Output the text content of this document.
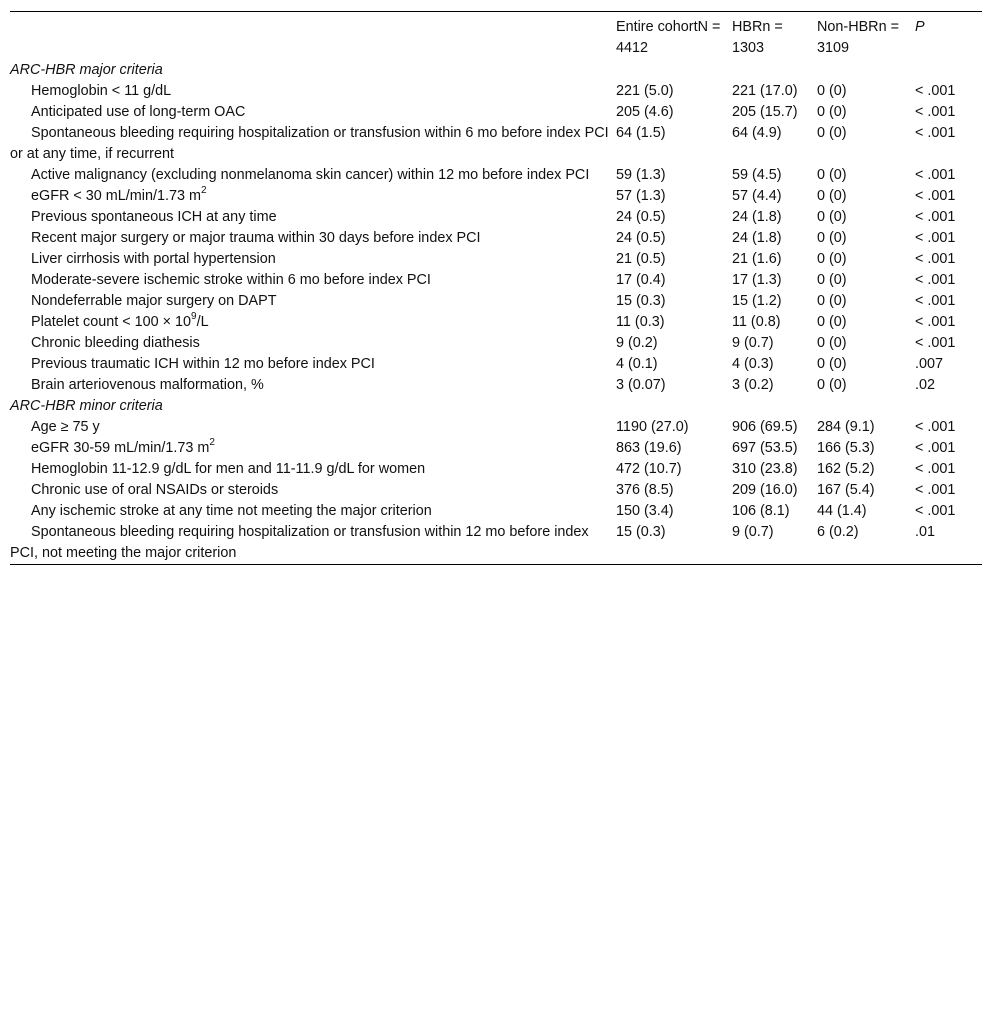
	Entire cohortN = 4412	HBRn = 1303	Non-HBRn = 3109	P
ARC-HBR major criteria				
Hemoglobin < 11 g/dL	221 (5.0)	221 (17.0)	0 (0)	< .001
Anticipated use of long-term OAC	205 (4.6)	205 (15.7)	0 (0)	< .001
Spontaneous bleeding requiring hospitalization or transfusion within 6 mo before index PCI or at any time, if recurrent	64 (1.5)	64 (4.9)	0 (0)	< .001
Active malignancy (excluding nonmelanoma skin cancer) within 12 mo before index PCI	59 (1.3)	59 (4.5)	0 (0)	< .001
eGFR < 30 mL/min/1.73 $m^2$	57 (1.3)	57 (4.4)	0 (0)	< .001
Previous spontaneous ICH at any time	24 (0.5)	24 (1.8)	0 (0)	< .001
Recent major surgery or major trauma within 30 days before index PCI	24 (0.5)	24 (1.8)	0 (0)	< .001
Liver cirrhosis with portal hypertension	21 (0.5)	21 (1.6)	0 (0)	< .001
Moderate-severe ischemic stroke within 6 mo before index PCI	17 (0.4)	17 (1.3)	0 (0)	< .001
Nondeferrable major surgery on DAPT	15 (0.3)	15 (1.2)	0 (0)	< .001
Platelet count < $100 \times 10^9/L$	11 (0.3)	11 (0.8)	0 (0)	< .001
Chronic bleeding diathesis	9 (0.2)	9 (0.7)	0 (0)	< .001
Previous traumatic ICH within 12 mo before index PCI	4 (0.1)	4 (0.3)	0 (0)	.007
Brain arteriovenous malformation, %	3 (0.07)	3 (0.2)	0 (0)	.02
ARC-HBR minor criteria				
Age ≥ 75 y	1190 (27.0)	906 (69.5)	284 (9.1)	< .001
eGFR 30-59 mL/min/1.73 $m^2$	863 (19.6)	697 (53.5)	166 (5.3)	< .001
Hemoglobin 11-12.9 g/dL for men and 11-11.9 g/dL for women	472 (10.7)	310 (23.8)	162 (5.2)	< .001
Chronic use of oral NSAIDs or steroids	376 (8.5)	209 (16.0)	167 (5.4)	< .001
Any ischemic stroke at any time not meeting the major criterion	150 (3.4)	106 (8.1)	44 (1.4)	< .001
Spontaneous bleeding requiring hospitalization or transfusion within 12 mo before index PCI, not meeting the major criterion	15 (0.3)	9 (0.7)	6 (0.2)	.01
